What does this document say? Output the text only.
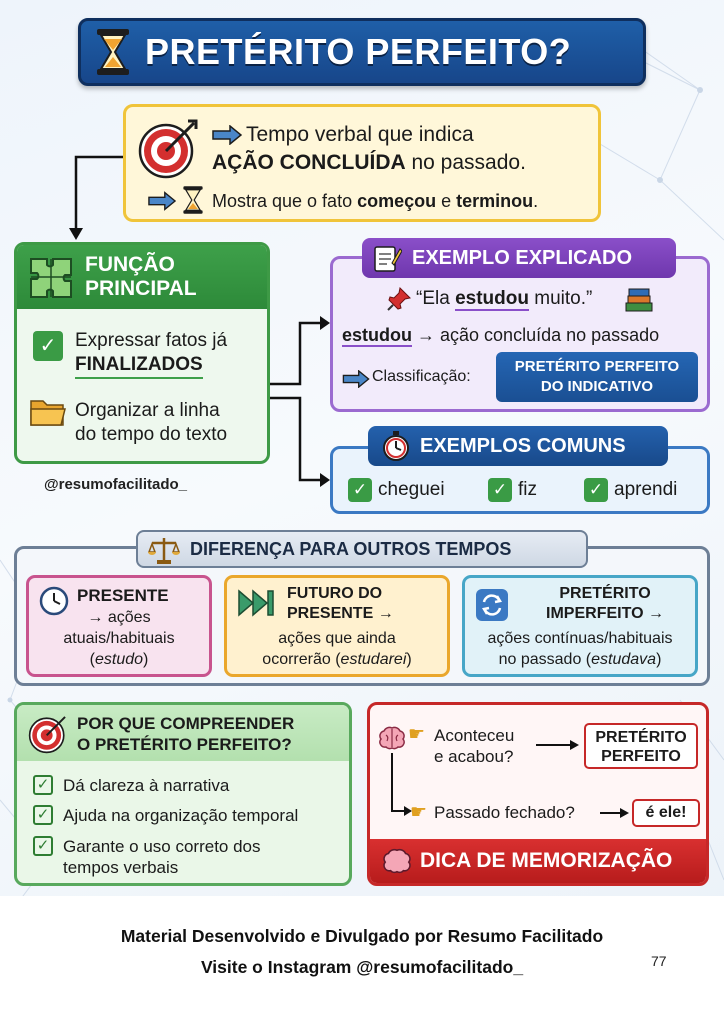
PRETÉRITO PERFEITO?
Tempo verbal que indica
AÇÃO CONCLUÍDA no passado.
Mostra que o fato começou e terminou.
FUNÇÃO
PRINCIPAL
✓ Expressar fatos já
FINALIZADOS
Organizar a linha
do tempo do texto
@resumofacilitado_
EXEMPLO EXPLICADO
“Ela estudou muito.”
estudou → ação concluída no passado
Classificação:
PRETÉRITO PERFEITO
DO INDICATIVO
EXEMPLOS COMUNS
✓ cheguei	✓ fiz	✓ aprendi
DIFERENÇA PARA OUTROS TEMPOS
PRESENTE
→ ações
atuais/habituais
(estudo)
FUTURO DO
PRESENTE →
ações que ainda
ocorrerão (estudarei)
PRETÉRITO
IMPERFEITO →
ações contínuas/habituais
no passado (estudava)
POR QUE COMPREENDER
O PRETÉRITO PERFEITO?
✓ Dá clareza à narrativa
✓ Ajuda na organização temporal
✓ Garante o uso correto dos
tempos verbais
☛ Aconteceu
e acabou?
PRETÉRITO
PERFEITO
☛ Passado fechado?	é ele!
DICA DE MEMORIZAÇÃO
Material Desenvolvido e Divulgado por Resumo Facilitado
Visite o Instagram @resumofacilitado_	77
